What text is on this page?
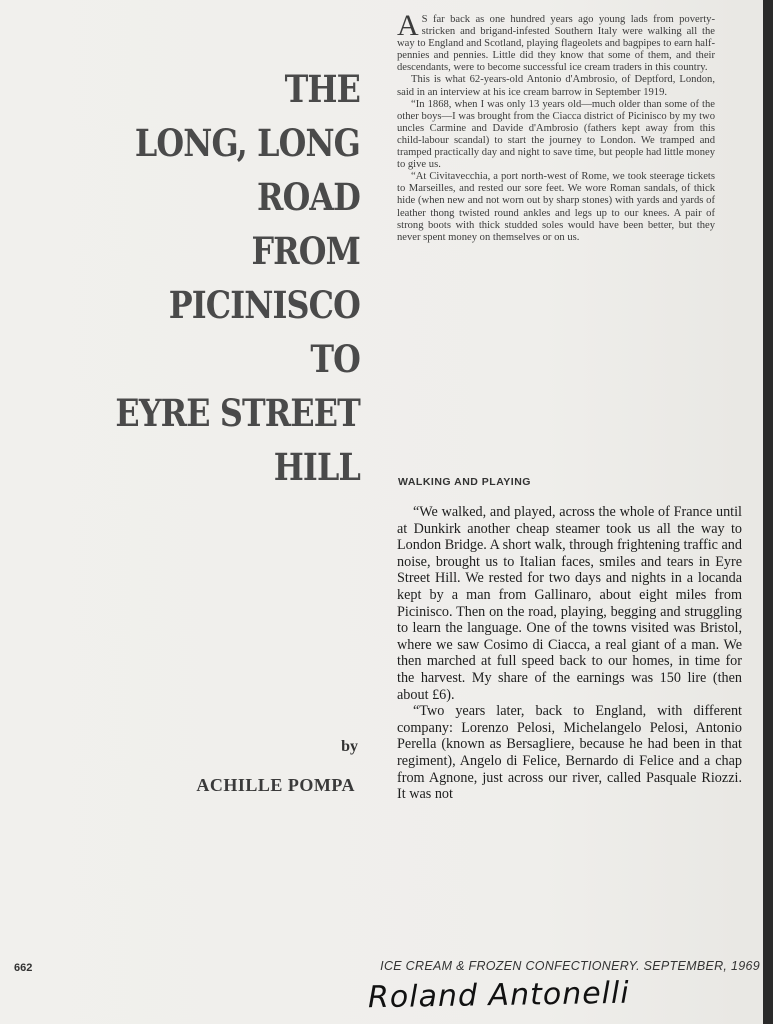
THE
LONG, LONG
ROAD
FROM
PICINISCO
TO
EYRE STREET
HILL
by
ACHILLE POMPA

A S far back as one hundred years ago young lads from poverty-stricken and brigand-infested Southern Italy were walking all the way to England and Scotland, playing flageolets and bagpipes to earn half-pennies and pennies. Little did they know that some of them, and their descendants, were to become successful ice cream traders in this country.

This is what 62-years-old Antonio d'Ambrosio, of Deptford, London, said in an interview at his ice cream barrow in September 1919.

“In 1868, when I was only 13 years old—much older than some of the other boys—I was brought from the Ciacca district of Picinisco by my two uncles Carmine and Davide d'Ambrosio (fathers kept away from this child-labour scandal) to start the journey to London. We tramped and tramped practically day and night to save time, but people had little money to give us.

“At Civitavecchia, a port north-west of Rome, we took steerage tickets to Marseilles, and rested our sore feet. We wore Roman sandals, of thick hide (when new and not worn out by sharp stones) with yards and yards of leather thong twisted round ankles and legs up to our knees. A pair of strong boots with thick studded soles would have been better, but they never spent money on themselves or on us.

WALKING AND PLAYING

“We walked, and played, across the whole of France until at Dunkirk another cheap steamer took us all the way to London Bridge. A short walk, through frightening traffic and noise, brought us to Italian faces, smiles and tears in Eyre Street Hill. We rested for two days and nights in a locanda kept by a man from Gallinaro, about eight miles from Picinisco. Then on the road, playing, begging and struggling to learn the language. One of the towns visited was Bristol, where we saw Cosimo di Ciacca, a real giant of a man. We then marched at full speed back to our homes, in time for the harvest. My share of the earnings was 150 lire (then about £6).

“Two years later, back to England, with different company: Lorenzo Pelosi, Michelangelo Pelosi, Antonio Perella (known as Bersagliere, because he had been in that regiment), Angelo di Felice, Bernardo di Felice and a chap from Agnone, just across our river, called Pasquale Riozzi. It was not

662	ICE CREAM & FROZEN CONFECTIONERY. SEPTEMBER, 1969
Roland Antonelli
